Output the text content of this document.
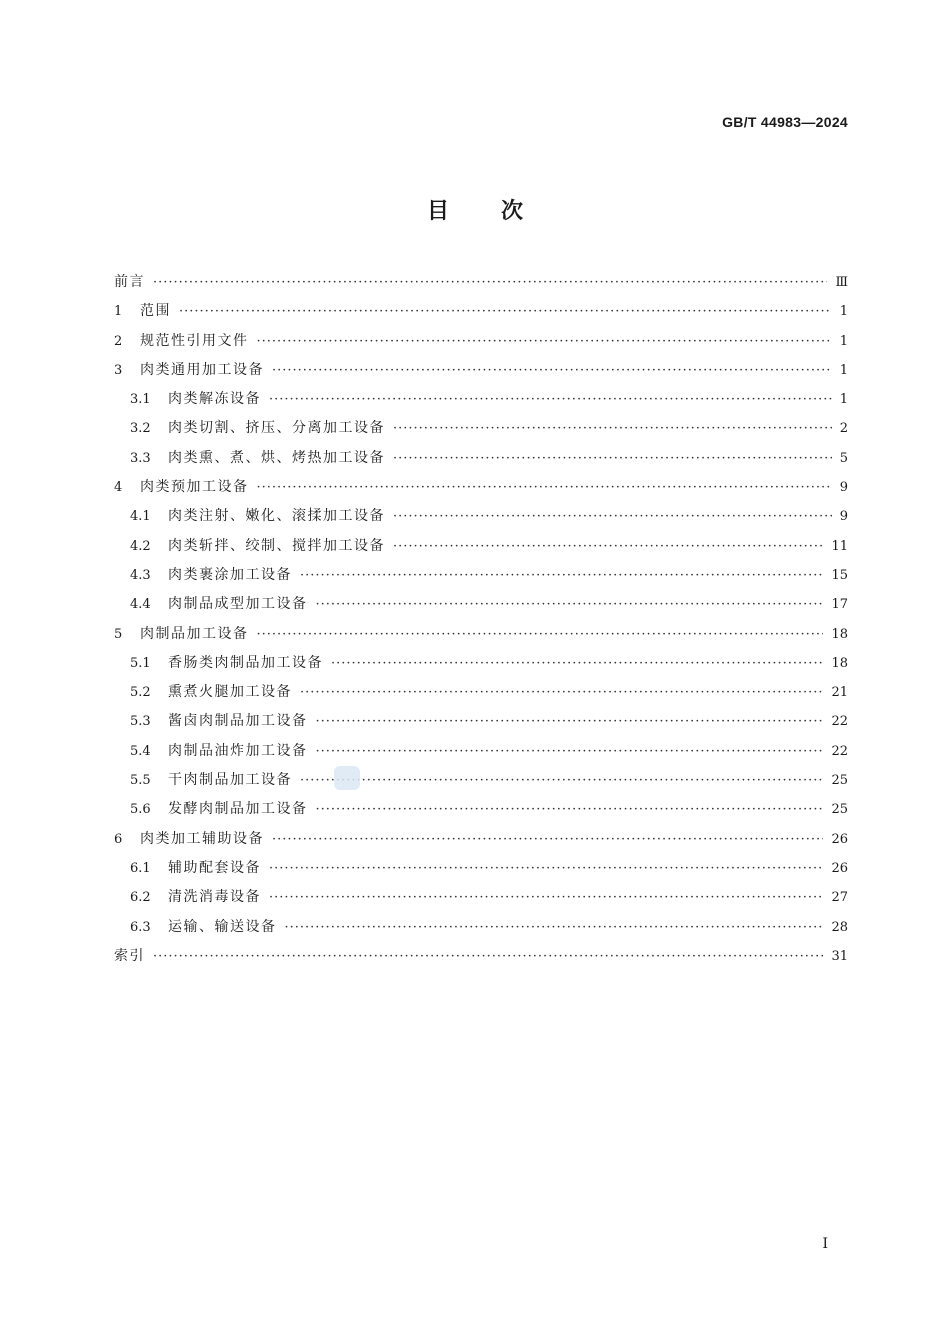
GB/T 44983—2024
目次
前言 ·····	Ⅲ
1	范围 ·····	1
2	规范性引用文件 ·····	1
3	肉类通用加工设备 ·····	1
3.1	肉类解冻设备 ·····	1
3.2	肉类切割、挤压、分离加工设备 ·····	2
3.3	肉类熏、煮、烘、烤热加工设备 ·····	5
4	肉类预加工设备 ·····	9
4.1	肉类注射、嫩化、滚揉加工设备 ·····	9
4.2	肉类斩拌、绞制、搅拌加工设备 ·····	11
4.3	肉类裹涂加工设备 ·····	15
4.4	肉制品成型加工设备 ·····	17
5	肉制品加工设备 ·····	18
5.1	香肠类肉制品加工设备 ·····	18
5.2	熏煮火腿加工设备 ·····	21
5.3	酱卤肉制品加工设备 ·····	22
5.4	肉制品油炸加工设备 ·····	22
5.5	干肉制品加工设备 ·····	25
5.6	发酵肉制品加工设备 ·····	25
6	肉类加工辅助设备 ·····	26
6.1	辅助配套设备 ·····	26
6.2	清洗消毒设备 ·····	27
6.3	运输、输送设备 ·····	28
索引 ·····	31
I
